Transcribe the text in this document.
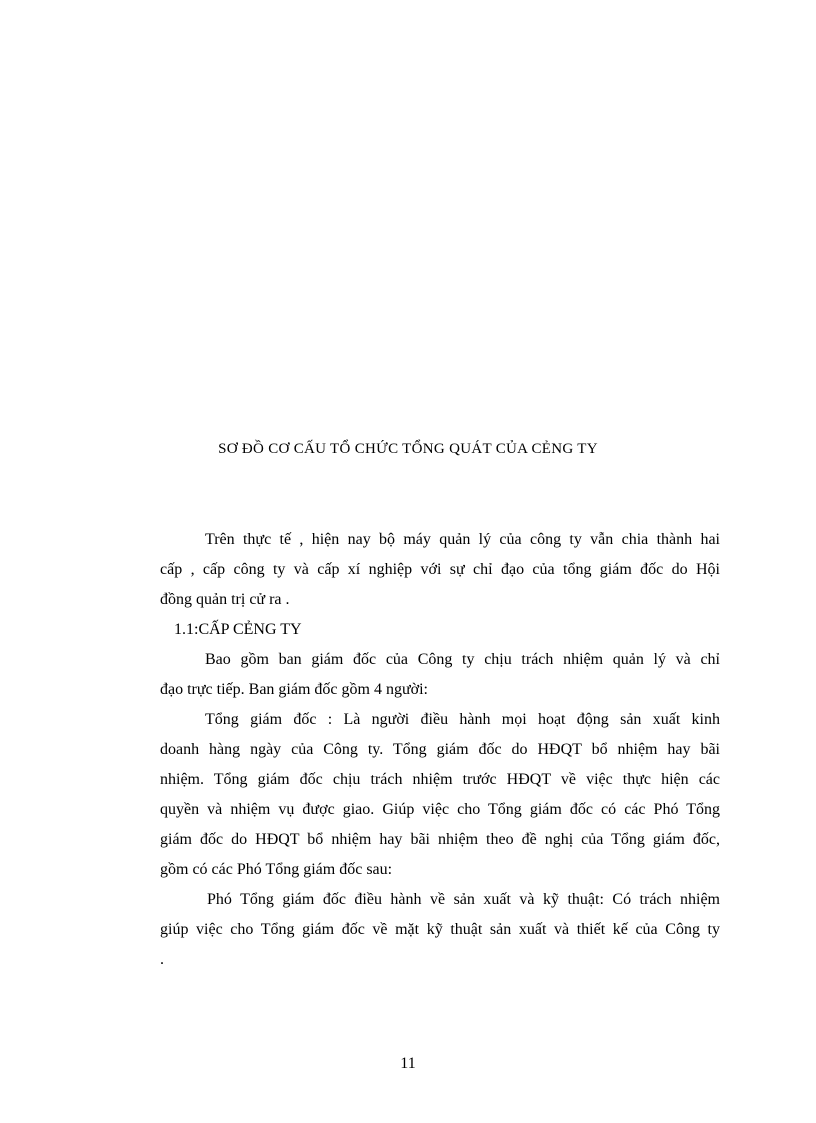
SƠ ĐỒ CƠ CẤU TỔ CHỨC TỔNG QUÁT CỦA CẺNG TY
Trên thực tế , hiện nay bộ máy quản lý của công ty vẫn chia thành hai
cấp , cấp công ty và cấp xí nghiệp với sự chỉ đạo của tổng giám đốc do Hội
đồng quản trị cử ra .
1.1:CẤP CẺNG TY
Bao gồm ban giám đốc của Công ty chịu trách nhiệm quản lý và chỉ
đạo trực tiếp. Ban giám đốc gồm 4 người:
Tổng giám đốc : Là người điều hành mọi hoạt động sản xuất kinh
doanh hàng ngày của Công ty. Tổng giám đốc do HĐQT bổ nhiệm hay bãi
nhiệm. Tổng giám đốc chịu trách nhiệm trước HĐQT về việc thực hiện các
quyền và nhiệm vụ được giao. Giúp việc cho Tổng giám đốc có các Phó Tổng
giám đốc do HĐQT bổ nhiệm hay bãi nhiệm theo đề nghị của Tổng giám đốc,
gồm có các Phó Tổng giám đốc sau:
Phó Tổng giám đốc điều hành về sản xuất và kỹ thuật: Có trách nhiệm
giúp việc cho Tổng giám đốc về mặt kỹ thuật sản xuất và thiết kế của Công ty
.
11
